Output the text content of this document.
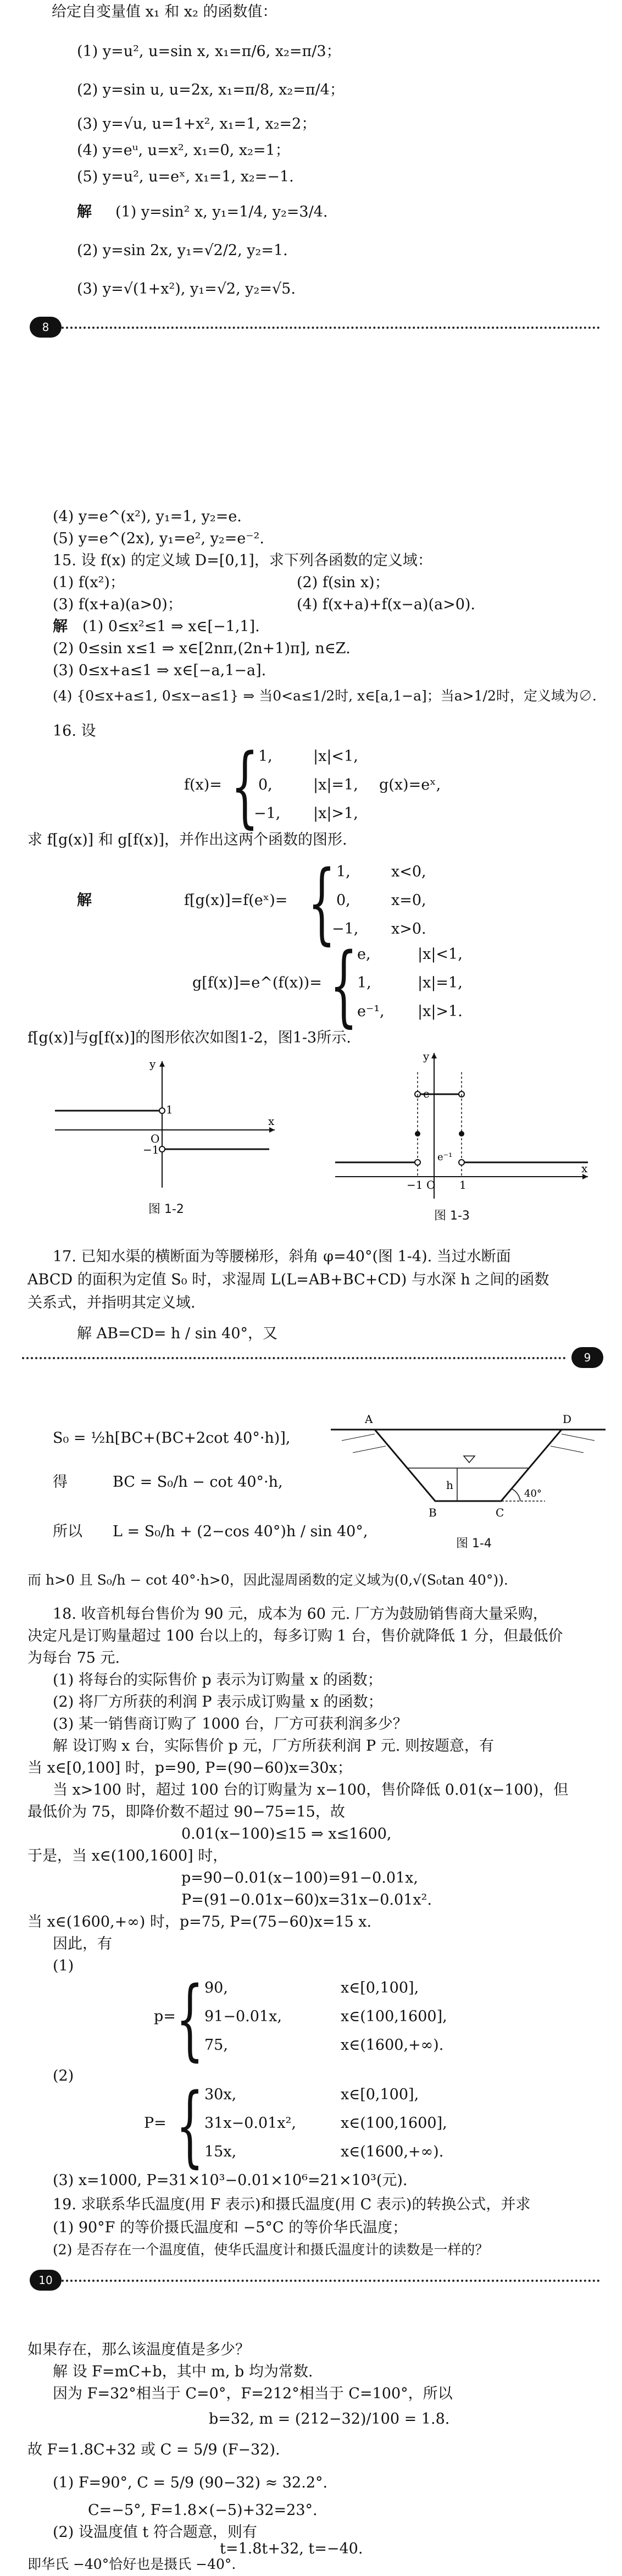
给定自变量值 x₁ 和 x₂ 的函数值：
(1) y=u², u=sin x, x₁=π/6, x₂=π/3；
(2) y=sin u, u=2x, x₁=π/8, x₂=π/4；
(3) y=√u, u=1+x², x₁=1, x₂=2；
(4) y=eᵘ, u=x², x₁=0, x₂=1；
(5) y=u², u=eˣ, x₁=1, x₂=−1.
解 (1) y=sin² x, y₁=1/4, y₂=3/4.
(2) y=sin 2x, y₁=√2/2, y₂=1.
(3) y=√(1+x²), y₁=√2, y₂=√5.
8
(4) y=e^(x²), y₁=1, y₂=e.
(5) y=e^(2x), y₁=e², y₂=e⁻².
15. 设 f(x) 的定义域 D=[0,1]，求下列各函数的定义域：
(1) f(x²)；	(2) f(sin x)；
(3) f(x+a)(a>0)；	(4) f(x+a)+f(x−a)(a>0).
解 (1) 0≤x²≤1 ⇒ x∈[−1,1].
(2) 0≤sin x≤1 ⇒ x∈[2nπ,(2n+1)π], n∈Z.
(3) 0≤x+a≤1 ⇒ x∈[−a,1−a].
(4) {0≤x+a≤1, 0≤x−a≤1} ⇒ 当0<a≤1/2时, x∈[a,1−a]；当a>1/2时，定义域为∅.
16. 设
f(x)= { 1,	|x|<1,
0,	|x|=1, g(x)=eˣ,
−1, |x|>1,
求 f[g(x)] 和 g[f(x)]，并作出这两个函数的图形.
解	f[g(x)]=f(eˣ)= { 1,	x<0,
0,	x=0,
−1, x>0.
g[f(x)]=e^(f(x))= { e,	|x|<1,
1,	|x|=1,
e⁻¹, |x|>1.
f[g(x)]与g[f(x)]的图形依次如图1-2，图1-3所示.
y
x
1
O
−1
图 1-2
y
x
e
e⁻¹
−1 O 1
图 1-3
17. 已知水渠的横断面为等腰梯形，斜角 φ=40°(图 1-4). 当过水断面
ABCD 的面积为定值 S₀ 时，求湿周 L(L=AB+BC+CD) 与水深 h 之间的函数
关系式，并指明其定义域.
解 AB=CD= h / sin 40°，又
9
S₀ = ½h[BC+(BC+2cot 40°·h)],
得	BC = S₀/h − cot 40°·h,
所以 L = S₀/h + (2−cos 40°)h / sin 40°,
A
B	C
D
h
40°
图 1-4
而 h>0 且 S₀/h − cot 40°·h>0，因此湿周函数的定义域为(0,√(S₀tan 40°)).
18. 收音机每台售价为 90 元，成本为 60 元. 厂方为鼓励销售商大量采购，
决定凡是订购量超过 100 台以上的，每多订购 1 台，售价就降低 1 分，但最低价
为每台 75 元.
(1) 将每台的实际售价 p 表示为订购量 x 的函数；
(2) 将厂方所获的利润 P 表示成订购量 x 的函数；
(3) 某一销售商订购了 1000 台，厂方可获利润多少？
解 设订购 x 台，实际售价 p 元，厂方所获利润 P 元. 则按题意，有
当 x∈[0,100] 时，p=90, P=(90−60)x=30x；
当 x>100 时，超过 100 台的订购量为 x−100，售价降低 0.01(x−100)，但
最低价为 75，即降价数不超过 90−75=15，故
0.01(x−100)≤15 ⇒ x≤1600,
于是，当 x∈(100,1600] 时，
p=90−0.01(x−100)=91−0.01x,
P=(91−0.01x−60)x=31x−0.01x².
当 x∈(1600,+∞) 时，p=75, P=(75−60)x=15 x.
因此，有
(1)
p= { 90,	x∈[0,100],
91−0.01x,	x∈(100,1600],
75,	x∈(1600,+∞).
(2)
P= { 30x,	x∈[0,100],
31x−0.01x²,	x∈(100,1600],
15x,	x∈(1600,+∞).
(3) x=1000, P=31×10³−0.01×10⁶=21×10³(元).
19. 求联系华氏温度(用 F 表示)和摄氏温度(用 C 表示)的转换公式，并求
(1) 90°F 的等价摄氏温度和 −5°C 的等价华氏温度；
(2) 是否存在一个温度值，使华氏温度计和摄氏温度计的读数是一样的？
10
如果存在，那么该温度值是多少？
解 设 F=mC+b，其中 m, b 均为常数.
因为 F=32°相当于 C=0°，F=212°相当于 C=100°，所以
b=32, m = (212−32)/100 = 1.8.
故 F=1.8C+32 或 C = 5/9 (F−32).
(1) F=90°, C = 5/9 (90−32) ≈ 32.2°.
C=−5°, F=1.8×(−5)+32=23°.
(2) 设温度值 t 符合题意，则有
t=1.8t+32, t=−40.
即华氏 −40°恰好也是摄氏 −40°.
